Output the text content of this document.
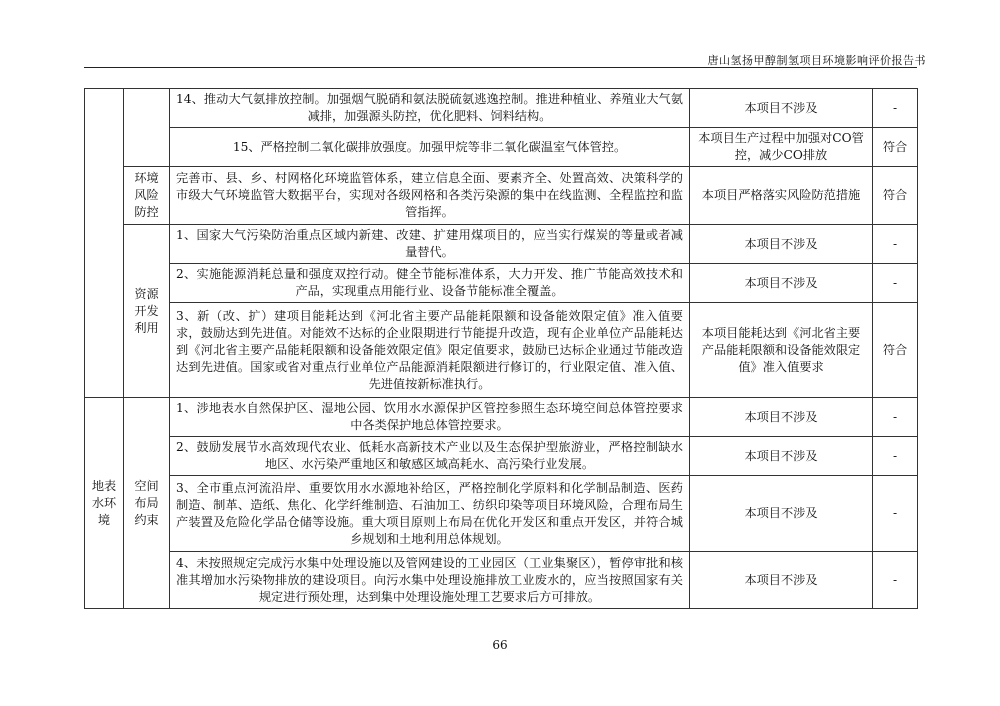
唐山氢扬甲醇制氢项目环境影响评价报告书
		14、推动大气氨排放控制。加强烟气脱硝和氨法脱硫氨逃逸控制。推进种植业、养殖业大气氨减排，加强源头防控，优化肥料、饲料结构。	本项目不涉及	-
		15、严格控制二氧化碳排放强度。加强甲烷等非二氧化碳温室气体管控。	本项目生产过程中加强对CO管控，减少CO排放	符合
	环境风险防控	完善市、县、乡、村网格化环境监管体系，建立信息全面、要素齐全、处置高效、决策科学的市级大气环境监管大数据平台，实现对各级网格和各类污染源的集中在线监测、全程监控和监管指挥。	本项目严格落实风险防范措施	符合
	资源开发利用	1、国家大气污染防治重点区域内新建、改建、扩建用煤项目的，应当实行煤炭的等量或者减量替代。	本项目不涉及	-
		2、实施能源消耗总量和强度双控行动。健全节能标准体系，大力开发、推广节能高效技术和产品，实现重点用能行业、设备节能标准全覆盖。	本项目不涉及	-
		3、新（改、扩）建项目能耗达到《河北省主要产品能耗限额和设备能效限定值》准入值要求，鼓励达到先进值。对能效不达标的企业限期进行节能提升改造，现有企业单位产品能耗达到《河北省主要产品能耗限额和设备能效限定值》限定值要求，鼓励已达标企业通过节能改造达到先进值。国家或省对重点行业单位产品能源消耗限额进行修订的，行业限定值、准入值、先进值按新标准执行。	本项目能耗达到《河北省主要产品能耗限额和设备能效限定值》准入值要求	符合
地表水环境	空间布局约束	1、涉地表水自然保护区、湿地公园、饮用水水源保护区管控参照生态环境空间总体管控要求中各类保护地总体管控要求。	本项目不涉及	-
		2、鼓励发展节水高效现代农业、低耗水高新技术产业以及生态保护型旅游业，严格控制缺水地区、水污染严重地区和敏感区域高耗水、高污染行业发展。	本项目不涉及	-
		3、全市重点河流沿岸、重要饮用水水源地补给区，严格控制化学原料和化学制品制造、医药制造、制革、造纸、焦化、化学纤维制造、石油加工、纺织印染等项目环境风险，合理布局生产装置及危险化学品仓储等设施。重大项目原则上布局在优化开发区和重点开发区，并符合城乡规划和土地利用总体规划。	本项目不涉及	-
		4、未按照规定完成污水集中处理设施以及管网建设的工业园区（工业集聚区），暂停审批和核准其增加水污染物排放的建设项目。向污水集中处理设施排放工业废水的，应当按照国家有关规定进行预处理，达到集中处理设施处理工艺要求后方可排放。	本项目不涉及	-
66
